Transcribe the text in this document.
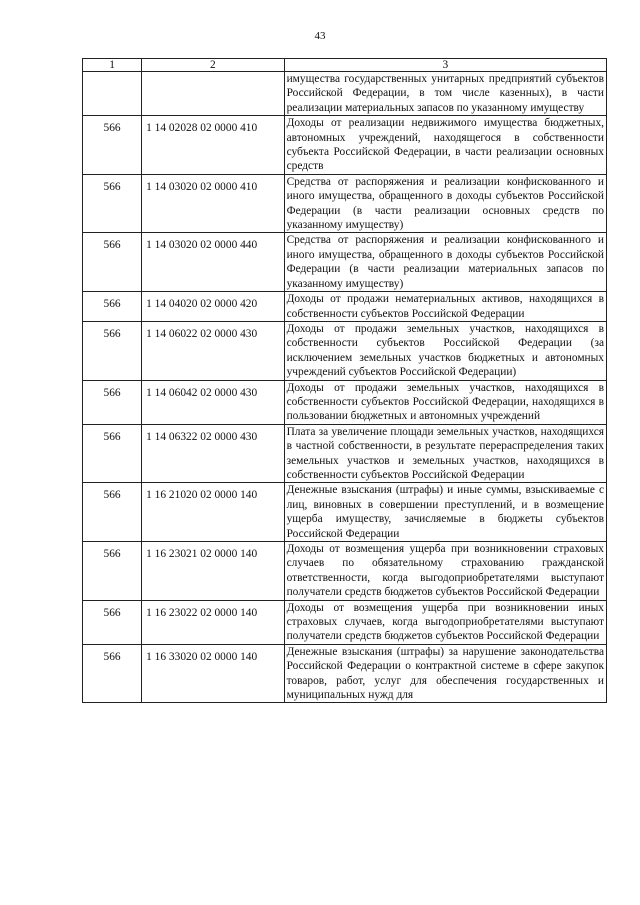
43
1	2	3
		имущества государственных унитарных предприятий субъектов Российской Федерации, в том числе казенных), в части реализации материальных запасов по указанному имуществу
566	1 14 02028 02 0000 410	Доходы от реализации недвижимого имущества бюджетных, автономных учреждений, находящегося в собственности субъекта Российской Федерации, в части реализации основных средств
566	1 14 03020 02 0000 410	Средства от распоряжения и реализации конфискованного и иного имущества, обращенного в доходы субъектов Российской Федерации (в части реализации основных средств по указанному имуществу)
566	1 14 03020 02 0000 440	Средства от распоряжения и реализации конфискованного и иного имущества, обращенного в доходы субъектов Российской Федерации (в части реализации материальных запасов по указанному имуществу)
566	1 14 04020 02 0000 420	Доходы от продажи нематериальных активов, находящихся в собственности субъектов Российской Федерации
566	1 14 06022 02 0000 430	Доходы от продажи земельных участков, находящихся в собственности субъектов Российской Федерации (за исключением земельных участков бюджетных и автономных учреждений субъектов Российской Федерации)
566	1 14 06042 02 0000 430	Доходы от продажи земельных участков, находящихся в собственности субъектов Российской Федерации, находящихся в пользовании бюджетных и автономных учреждений
566	1 14 06322 02 0000 430	Плата за увеличение площади земельных участков, находящихся в частной собственности, в результате перераспределения таких земельных участков и земельных участков, находящихся в собственности субъектов Российской Федерации
566	1 16 21020 02 0000 140	Денежные взыскания (штрафы) и иные суммы, взыскиваемые с лиц, виновных в совершении преступлений, и в возмещение ущерба имуществу, зачисляемые в бюджеты субъектов Российской Федерации
566	1 16 23021 02 0000 140	Доходы от возмещения ущерба при возникновении страховых случаев по обязательному страхованию гражданской ответственности, когда выгодоприобретателями выступают получатели средств бюджетов субъектов Российской Федерации
566	1 16 23022 02 0000 140	Доходы от возмещения ущерба при возникновении иных страховых случаев, когда выгодоприобретателями выступают получатели средств бюджетов субъектов Российской Федерации
566	1 16 33020 02 0000 140	Денежные взыскания (штрафы) за нарушение законодательства Российской Федерации о контрактной системе в сфере закупок товаров, работ, услуг для обеспечения государственных и муниципальных нужд для
